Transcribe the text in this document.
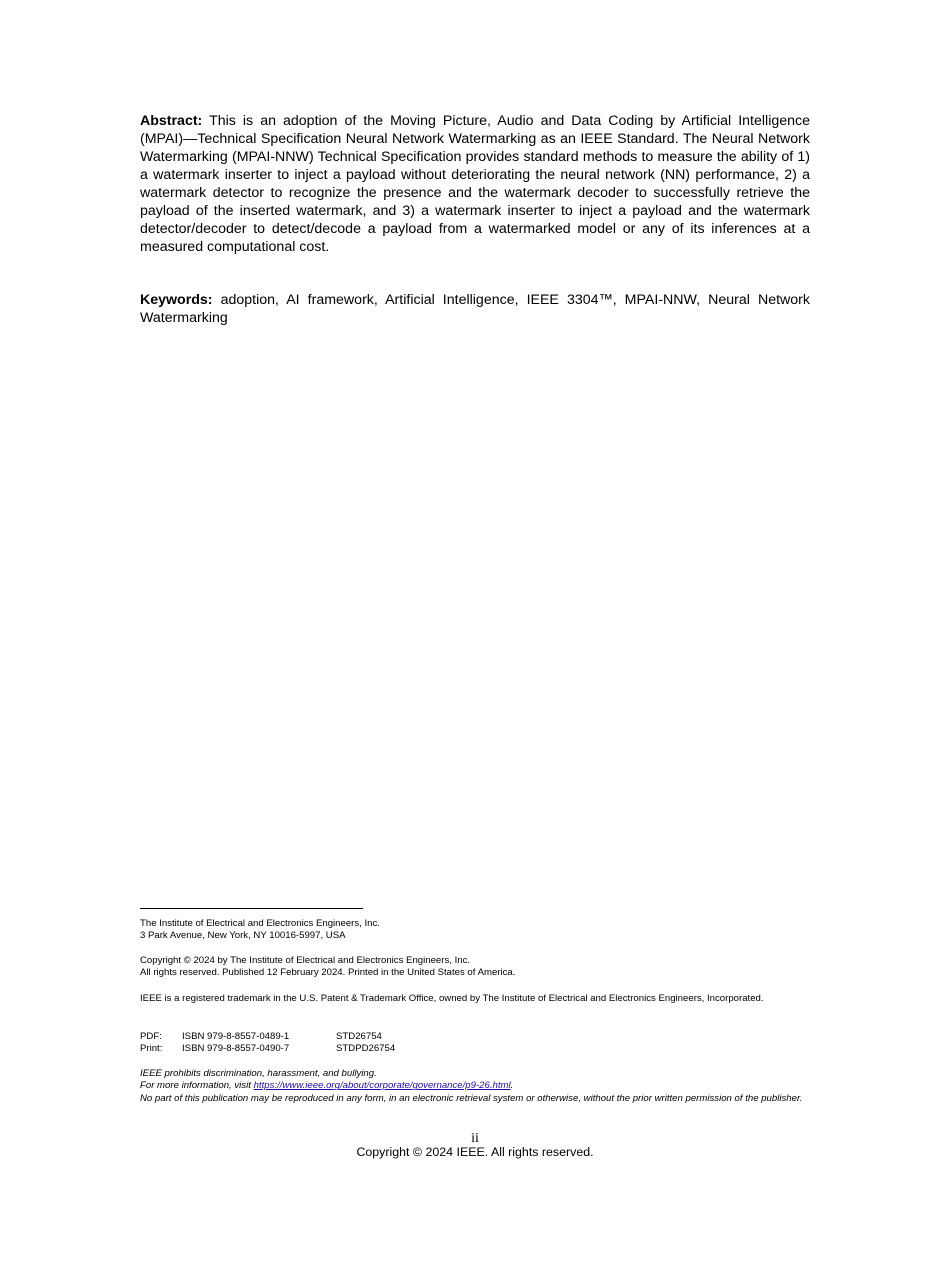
Abstract: This is an adoption of the Moving Picture, Audio and Data Coding by Artificial Intelligence (MPAI)—Technical Specification Neural Network Watermarking as an IEEE Standard. The Neural Network Watermarking (MPAI-NNW) Technical Specification provides standard methods to measure the ability of 1) a watermark inserter to inject a payload without deteriorating the neural network (NN) performance, 2) a watermark detector to recognize the presence and the watermark decoder to successfully retrieve the payload of the inserted watermark, and 3) a watermark inserter to inject a payload and the watermark detector/decoder to detect/decode a payload from a watermarked model or any of its inferences at a measured computational cost.

Keywords: adoption, AI framework, Artificial Intelligence, IEEE 3304™, MPAI-NNW, Neural Network Watermarking

The Institute of Electrical and Electronics Engineers, Inc.

3 Park Avenue, New York, NY 10016-5997, USA

Copyright © 2024 by The Institute of Electrical and Electronics Engineers, Inc.

All rights reserved. Published 12 February 2024. Printed in the United States of America.

IEEE is a registered trademark in the U.S. Patent & Trademark Office, owned by The Institute of Electrical and Electronics Engineers, Incorporated.

PDF:	ISBN 979-8-8557-0489-1	STD26754
Print:	ISBN 979-8-8557-0490-7	STDPD26754

IEEE prohibits discrimination, harassment, and bullying.

For more information, visit https://www.ieee.org/about/corporate/governance/p9-26.html.

No part of this publication may be reproduced in any form, in an electronic retrieval system or otherwise, without the prior written permission of the publisher.

ii
Copyright © 2024 IEEE. All rights reserved.
